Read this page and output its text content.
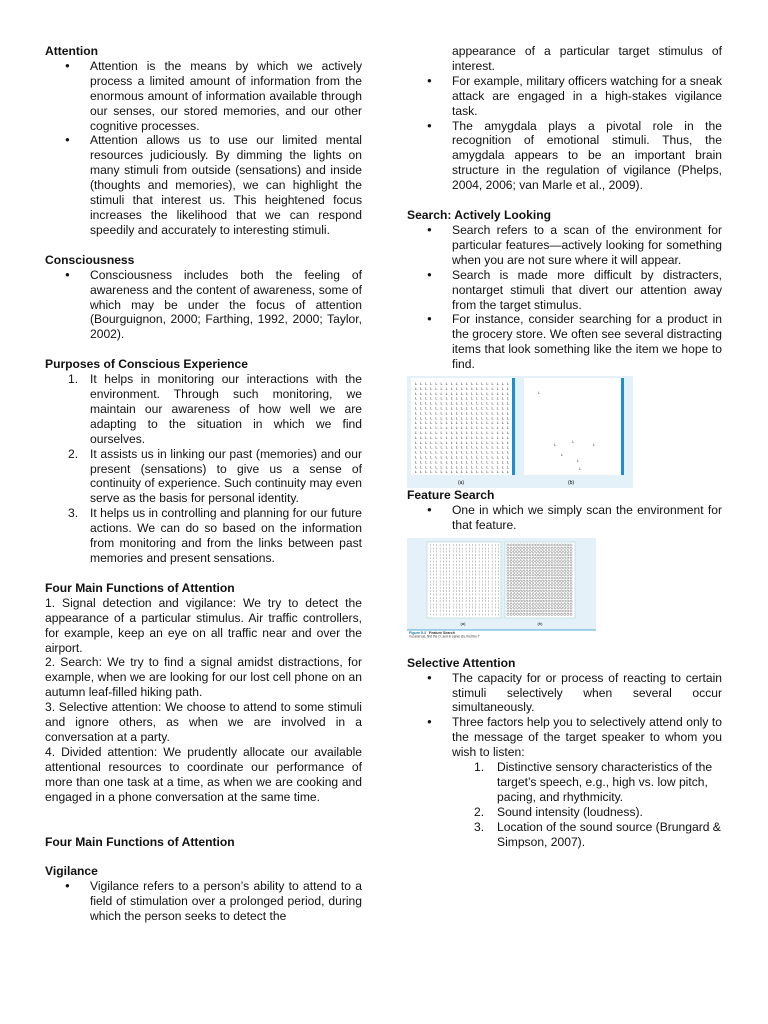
Attention

● Attention is the means by which we actively process a limited amount of information from the enormous amount of information available through our senses, our stored memories, and our other cognitive processes.
● Attention allows us to use our limited mental resources judiciously. By dimming the lights on many stimuli from outside (sensations) and inside (thoughts and memories), we can highlight the stimuli that interest us. This heightened focus increases the likelihood that we can respond speedily and accurately to interesting stimuli.

Consciousness

● Consciousness includes both the feeling of awareness and the content of awareness, some of which may be under the focus of attention (Bourguignon, 2000; Farthing, 1992, 2000; Taylor, 2002).

Purposes of Conscious Experience

1. It helps in monitoring our interactions with the environment. Through such monitoring, we maintain our awareness of how well we are adapting to the situation in which we find ourselves.
2. It assists us in linking our past (memories) and our present (sensations) to give us a sense of continuity of experience. Such continuity may even serve as the basis for personal identity.
3. It helps us in controlling and planning for our future actions. We can do so based on the information from monitoring and from the links between past memories and present sensations.

Four Main Functions of Attention

1. Signal detection and vigilance: We try to detect the appearance of a particular stimulus. Air traffic controllers, for example, keep an eye on all traffic near and over the airport.

2. Search: We try to find a signal amidst distractions, for example, when we are looking for our lost cell phone on an autumn leaf-filled hiking path.

3. Selective attention: We choose to attend to some stimuli and ignore others, as when we are involved in a conversation at a party.

4. Divided attention: We prudently allocate our available attentional resources to coordinate our performance of more than one task at a time, as when we are cooking and engaged in a phone conversation at the same time.

Four Main Functions of Attention

Vigilance

● Vigilance refers to a person’s ability to attend to a field of stimulation over a prolonged period, during which the person seeks to detect the

appearance of a particular target stimulus of interest.

● For example, military officers watching for a sneak attack are engaged in a high-stakes vigilance task.
● The amygdala plays a pivotal role in the recognition of emotional stimuli. Thus, the amygdala appears to be an important brain structure in the regulation of vigilance (Phelps, 2004, 2006; van Marle et al., 2009).

Search: Actively Looking

● Search refers to a scan of the environment for particular features—actively looking for something when you are not sure where it will appear.
● Search is made more difficult by distracters, nontarget stimuli that divert our attention away from the target stimulus.
● For instance, consider searching for a product in the grocery store. We often see several distracting items that look something like the item we hope to find.
L L L L L L L L L L L L L L L L L L L
L L L L L L L L L L L L L L L L L L L
L L L L L L L L L L L L L L L L L L L
L L L L L L L L L L L L L L L L L L L
L L L L L L L L L L L L L L L L L L L
L L L L L L L L L L L L L L L L L L L
L L L L L L L L L L L L L L L L L L L
L L L L L L L L L L L L L L L L L L L
L L L L L L L L L L L L L L L L L L L
L L L L L L L L L L L L L L L L L L L
L L L L L L L L L L L L L L L L L L L
L L L L L L L L L L L L L L L L L L L
L L L L L L L L L L L L L L L L L L L
L L L L L L L L L L L L L L L L L L L
L L L L L L L L L L L L L L L L L L L
L L L L L L L L L L L L L L L L L L L
L L L L L L L L L L L L L L L L L L L
L L L L L L L L L L L L L L L L L L L
L L L L L L L L L L L L L L L L L L L
L
L
L
L
L
L
L
(a)	(b)

Feature Search

● One in which we simply scan the environment for that feature.
l l l l l l l l l l l l l l l l l l l l l l
l l l l l l l l l l l l l l l l l l l l l l
l l l l l l l l l l l l l l l l l l l l l l
l l l l l l l l l l l l l l l l l l l l l l
l l l l l l l l l l l l l l l l l l l l l l
l l l l l l l l l l l l l l l l l l l l l l
l l l l l l l l l l l l l l l l l l l l l l
l l l l l l l l l l l l l l l l l l l l l l
l l l l l l l l l l l l l l l l l l l l l l
l l l l l l l l l l l l l l l l l l l l l l
l l l l l l l l l l l l l l l l l l l l l l
l l l l l l l l l l l l l l l l l l l l l l
l l l l l l l l l l l l l l l l l l l l l l
l l l l l l l l l l l l l l l l l l l l l l
l l l l l l l l l l l l l l l l l l l l l l
l l l l l l l l l l l l l l l l l l l l l l
l l l l l l l l l l l l l l l l l l l l l l
l l l l l l l l l l l l l l l l l l l l l l
l l l l l l l l l l l l l l l l l l l l l l
l l l l l l l l l l l l l l l l l l l l l l
l l l l l l l l l l l l l l l l l l l l l l
l l l l l l l l l l l l l l l l l l l l l l
(a)	(b)
Figure 5.3 Feature Search
In panel (a), find the O; and in panel (b), find the T

Selective Attention

● The capacity for or process of reacting to certain stimuli selectively when several occur simultaneously.
● Three factors help you to selectively attend only to the message of the target speaker to whom you wish to listen:
1. Distinctive sensory characteristics of the target’s speech, e.g., high vs. low pitch, pacing, and rhythmicity.
2. Sound intensity (loudness).
3. Location of the sound source (Brungard & Simpson, 2007).
